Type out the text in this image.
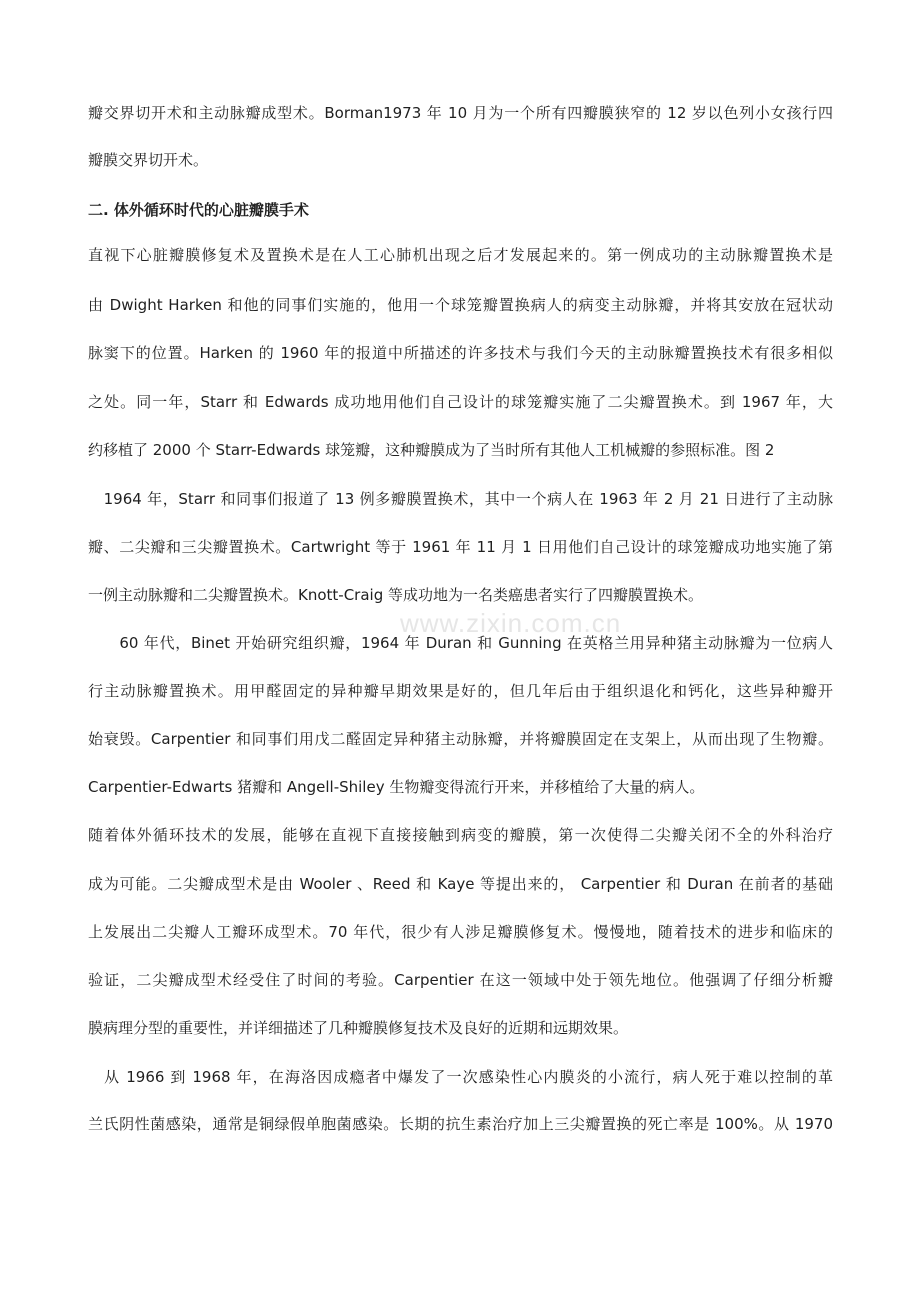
www.zixin.com.cn
瓣交界切开术和主动脉瓣成型术。Borman1973 年 10 月为一个所有四瓣膜狭窄的 12 岁以色列小女孩行四
瓣膜交界切开术。
二. 体外循环时代的心脏瓣膜手术
直视下心脏瓣膜修复术及置换术是在人工心肺机出现之后才发展起来的。第一例成功的主动脉瓣置换术是
由 Dwight Harken 和他的同事们实施的，他用一个球笼瓣置换病人的病变主动脉瓣，并将其安放在冠状动
脉窦下的位置。Harken 的 1960 年的报道中所描述的许多技术与我们今天的主动脉瓣置换技术有很多相似
之处。同一年，Starr 和 Edwards 成功地用他们自己设计的球笼瓣实施了二尖瓣置换术。到 1967 年，大
约移植了 2000 个 Starr-Edwards 球笼瓣，这种瓣膜成为了当时所有其他人工机械瓣的参照标准。图 2
　1964 年，Starr 和同事们报道了 13 例多瓣膜置换术，其中一个病人在 1963 年 2 月 21 日进行了主动脉
瓣、二尖瓣和三尖瓣置换术。Cartwright 等于 1961 年 11 月 1 日用他们自己设计的球笼瓣成功地实施了第
一例主动脉瓣和二尖瓣置换术。Knott-Craig 等成功地为一名类癌患者实行了四瓣膜置换术。
　　60 年代，Binet 开始研究组织瓣，1964 年 Duran 和 Gunning 在英格兰用异种猪主动脉瓣为一位病人
行主动脉瓣置换术。用甲醛固定的异种瓣早期效果是好的，但几年后由于组织退化和钙化，这些异种瓣开
始衰毁。Carpentier 和同事们用戊二醛固定异种猪主动脉瓣，并将瓣膜固定在支架上，从而出现了生物瓣。
Carpentier-Edwarts 猪瓣和 Angell-Shiley 生物瓣变得流行开来，并移植给了大量的病人。
随着体外循环技术的发展，能够在直视下直接接触到病变的瓣膜，第一次使得二尖瓣关闭不全的外科治疗
成为可能。二尖瓣成型术是由 Wooler 、Reed 和 Kaye 等提出来的， Carpentier 和 Duran 在前者的基础
上发展出二尖瓣人工瓣环成型术。70 年代，很少有人涉足瓣膜修复术。慢慢地，随着技术的进步和临床的
验证，二尖瓣成型术经受住了时间的考验。Carpentier 在这一领域中处于领先地位。他强调了仔细分析瓣
膜病理分型的重要性，并详细描述了几种瓣膜修复技术及良好的近期和远期效果。
　从 1966 到 1968 年，在海洛因成瘾者中爆发了一次感染性心内膜炎的小流行，病人死于难以控制的革
兰氏阴性菌感染，通常是铜绿假单胞菌感染。长期的抗生素治疗加上三尖瓣置换的死亡率是 100%。从 1970
